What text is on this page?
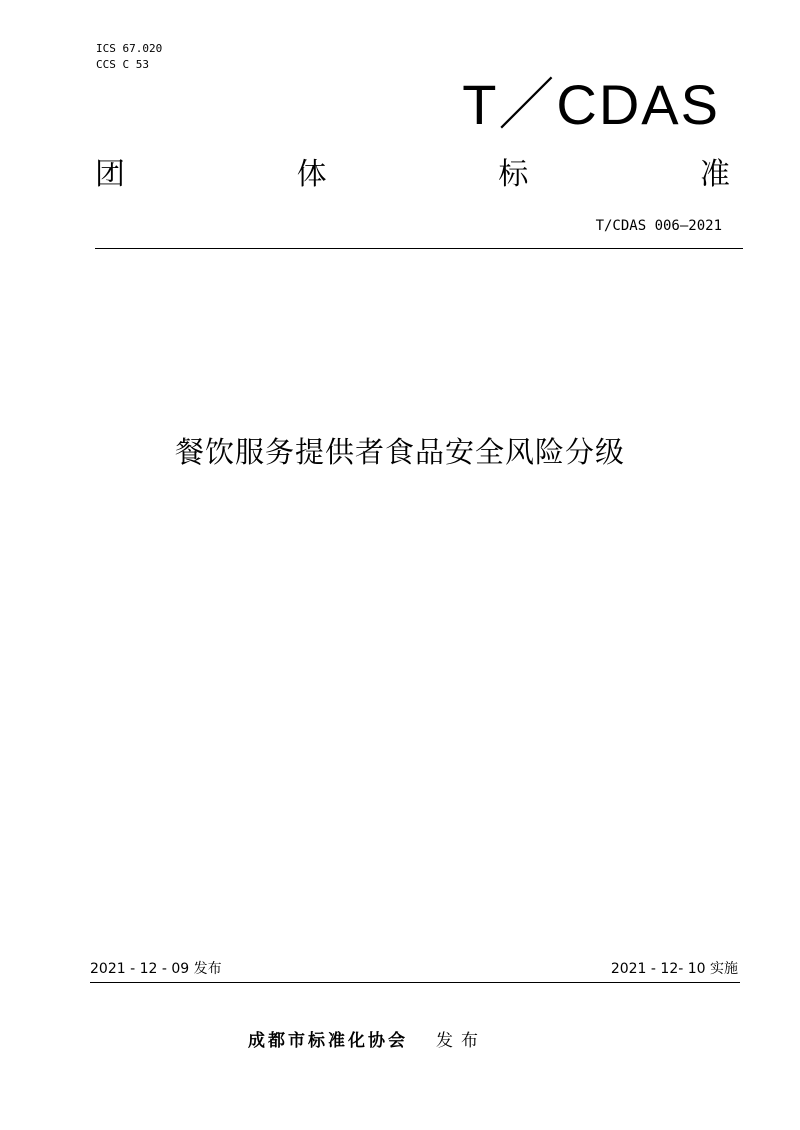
ICS 67.020
CCS C 53
T／CDAS
团	体	标	准
T/CDAS 006—2021
餐饮服务提供者食品安全风险分级
2021 - 12 - 09 发布	2021 - 12- 10 实施
成都市标准化协会 发布
